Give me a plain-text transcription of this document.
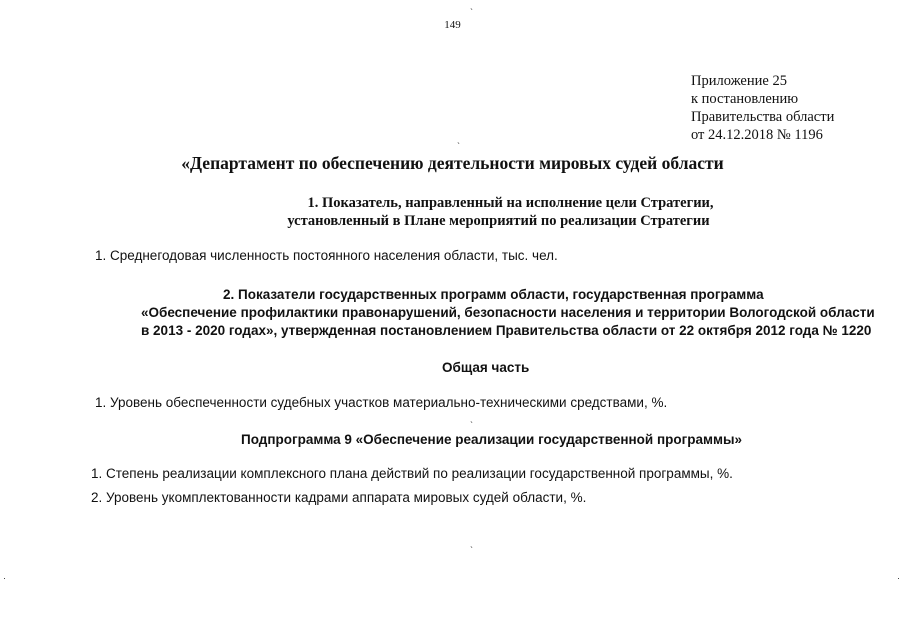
`
149
Приложение 25
к постановлению
Правительства области
от 24.12.2018 № 1196
`
«Департамент по обеспечению деятельности мировых судей области
1. Показатель, направленный на исполнение цели Стратегии,
установленный в Плане мероприятий по реализации Стратегии
1. Среднегодовая численность постоянного населения области, тыс. чел.
2. Показатели государственных программ области, государственная программа
«Обеспечение профилактики правонарушений, безопасности населения и территории Вологодской области
в 2013 - 2020 годах», утвержденная постановлением Правительства области от 22 октября 2012 года № 1220
Общая часть
1. Уровень обеспеченности судебных участков материально-техническими средствами, %.
`
Подпрограмма 9 «Обеспечение реализации государственной программы»
1. Степень реализации комплексного плана действий по реализации государственной программы, %.
2. Уровень укомплектованности кадрами аппарата мировых судей области, %.
`
